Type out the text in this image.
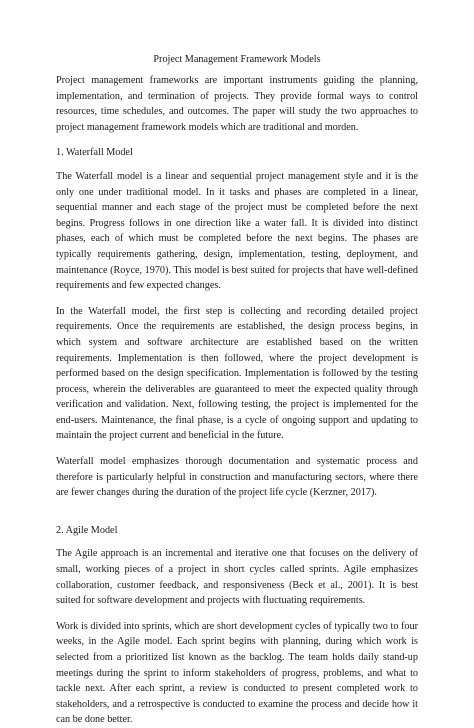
Project Management Framework Models

Project management frameworks are important instruments guiding the planning, implementation, and termination of projects. They provide formal ways to control resources, time schedules, and outcomes. The paper will study the two approaches to project management framework models which are traditional and morden.

1. Waterfall Model

The Waterfall model is a linear and sequential project management style and it is the only one under traditional model. In it tasks and phases are completed in a linear, sequential manner and each stage of the project must be completed before the next begins. Progress follows in one direction like a water fall. It is divided into distinct phases, each of which must be completed before the next begins. The phases are typically requirements gathering, design, implementation, testing, deployment, and maintenance (Royce, 1970). This model is best suited for projects that have well-defined requirements and few expected changes.

In the Waterfall model, the first step is collecting and recording detailed project requirements. Once the requirements are established, the design process begins, in which system and software architecture are established based on the written requirements. Implementation is then followed, where the project development is performed based on the design specification. Implementation is followed by the testing process, wherein the deliverables are guaranteed to meet the expected quality through verification and validation. Next, following testing, the project is implemented for the end-users. Maintenance, the final phase, is a cycle of ongoing support and updating to maintain the project current and beneficial in the future.

Waterfall model emphasizes thorough documentation and systematic process and therefore is particularly helpful in construction and manufacturing sectors, where there are fewer changes during the duration of the project life cycle (Kerzner, 2017).

2. Agile Model

The Agile approach is an incremental and iterative one that focuses on the delivery of small, working pieces of a project in short cycles called sprints. Agile emphasizes collaboration, customer feedback, and responsiveness (Beck et al., 2001). It is best suited for software development and projects with fluctuating requirements.

Work is divided into sprints, which are short development cycles of typically two to four weeks, in the Agile model. Each sprint begins with planning, during which work is selected from a prioritized list known as the backlog. The team holds daily stand-up meetings during the sprint to inform stakeholders of progress, problems, and what to tackle next. After each sprint, a review is conducted to present completed work to stakeholders, and a retrospective is conducted to examine the process and decide how it can be done better.
